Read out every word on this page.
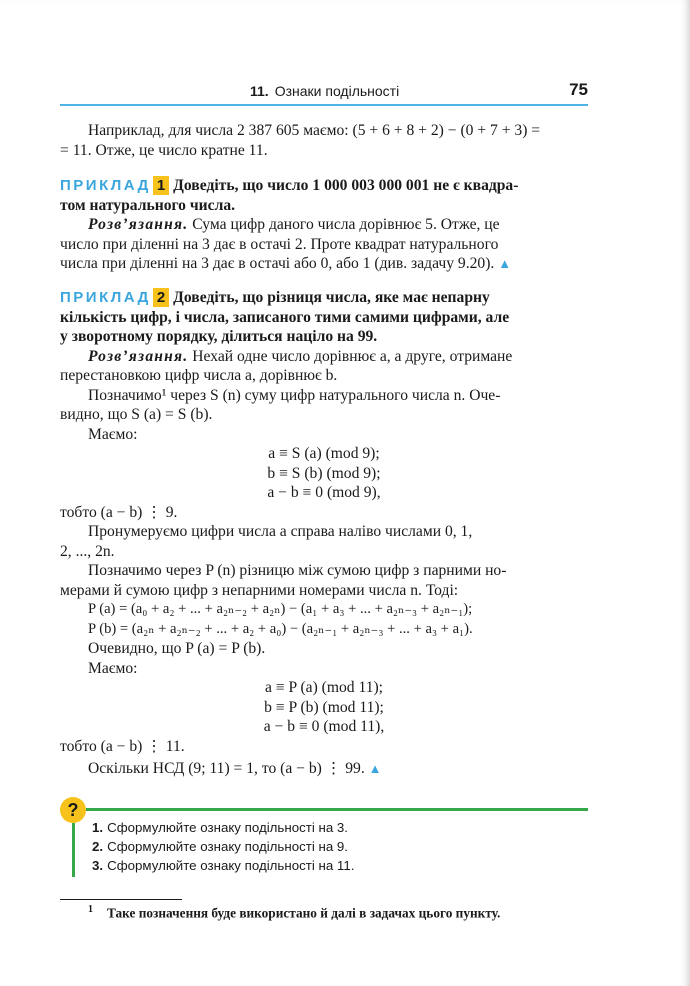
11. Ознаки подільності	75

Наприклад, для числа 2 387 605 маємо: (5 + 6 + 8 + 2) − (0 + 7 + 3) =

= 11. Отже, це число кратне 11.

ПРИКЛАД 1 Доведіть, що число 1 000 003 000 001 не є квадра-

том натурального числа.

Розв’язання. Сума цифр даного числа дорівнює 5. Отже, це

число при діленні на 3 дає в остачі 2. Проте квадрат натурального

числа при діленні на 3 дає в остачі або 0, або 1 (див. задачу 9.20). ▲

ПРИКЛАД 2 Доведіть, що різниця числа, яке має непарну

кількість цифр, і числа, записаного тими самими цифрами, але

у зворотному порядку, ділиться націло на 99.

Розв’язання. Нехай одне число дорівнює a, а друге, отримане

перестановкою цифр числа a, дорівнює b.

Позначимо¹ через S (n) суму цифр натурального числа n. Оче-

видно, що S (a) = S (b).

Маємо:

a ≡ S (a) (mod 9);

b ≡ S (b) (mod 9);

a − b ≡ 0 (mod 9),

тобто (a − b) ⋮ 9.

Пронумеруємо цифри числа a справа наліво числами 0, 1,

2, ..., 2n.

Позначимо через P (n) різницю між сумою цифр з парними но-

мерами й сумою цифр з непарними номерами числа n. Тоді:

P (a) = (a₀ + a₂ + ... + a₂ₙ₋₂ + a₂ₙ) − (a₁ + a₃ + ... + a₂ₙ₋₃ + a₂ₙ₋₁);

P (b) = (a₂ₙ + a₂ₙ₋₂ + ... + a₂ + a₀) − (a₂ₙ₋₁ + a₂ₙ₋₃ + ... + a₃ + a₁).

Очевидно, що P (a) = P (b).

Маємо:

a ≡ P (a) (mod 11);

b ≡ P (b) (mod 11);

a − b ≡ 0 (mod 11),

тобто (a − b) ⋮ 11.

Оскільки НСД (9; 11) = 1, то (a − b) ⋮ 99. ▲

?
1. Сформулюйте ознаку подільності на 3.
2. Сформулюйте ознаку подільності на 9.
3. Сформулюйте ознаку подільності на 11.
$^1$ Таке позначення буде використано й далі в задачах цього пункту.
